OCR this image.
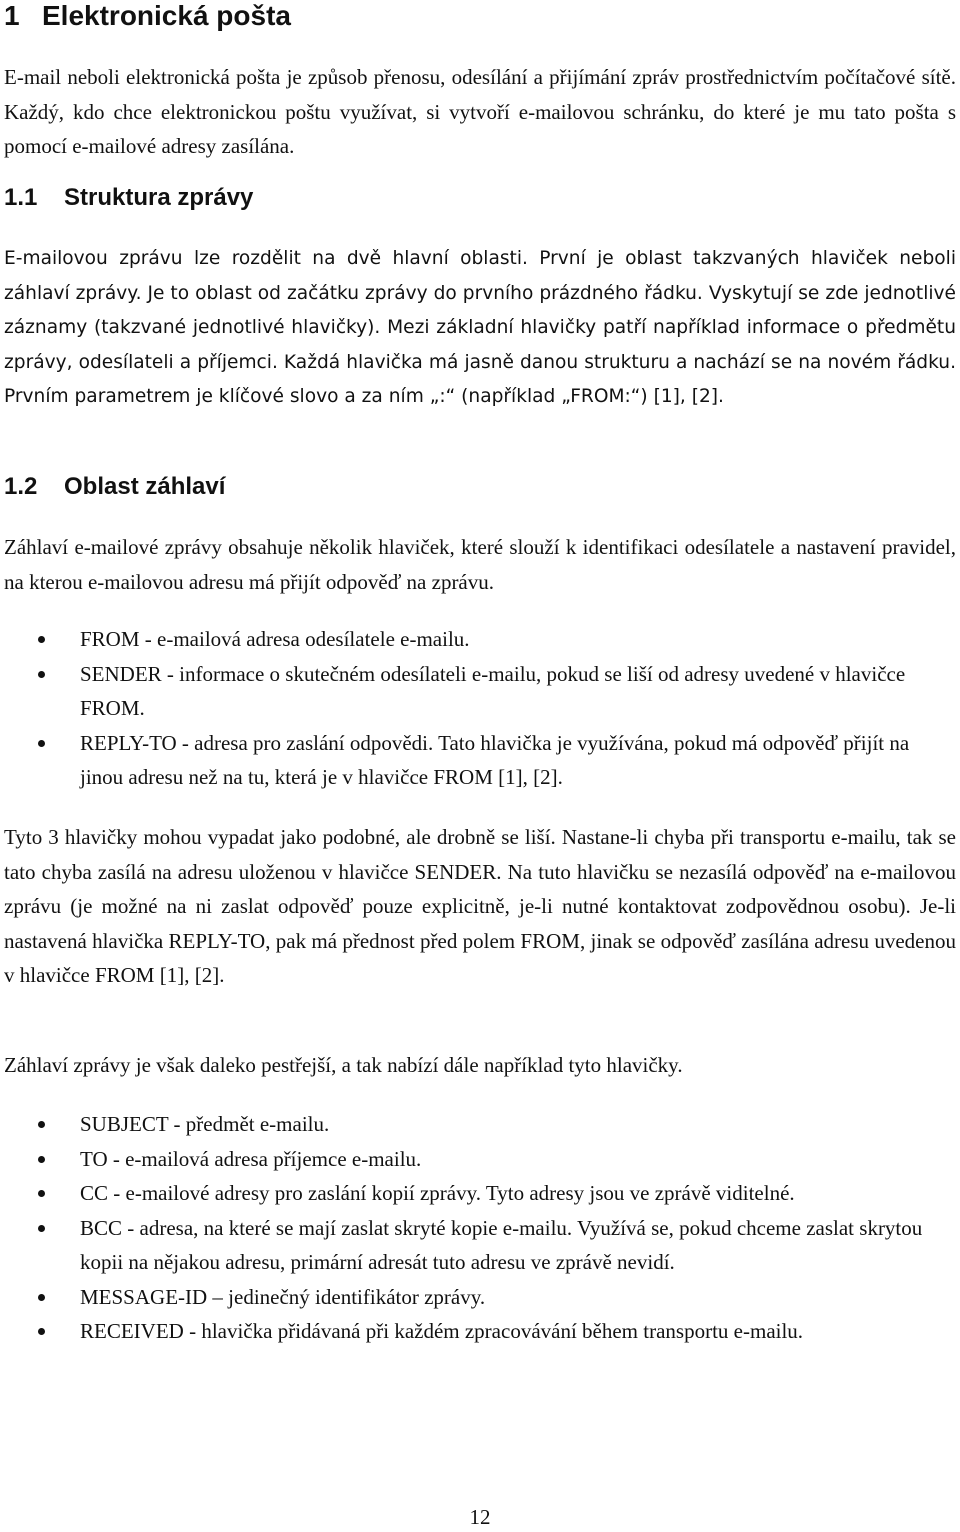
1 Elektronická pošta

E-mail neboli elektronická pošta je způsob přenosu, odesílání a přijímání zpráv prostřednictvím počítačové sítě. Každý, kdo chce elektronickou poštu využívat, si vytvoří e-mailovou schránku, do které je mu tato pošta s pomocí e-mailové adresy zasílána.

1.1 Struktura zprávy

E-mailovou zprávu lze rozdělit na dvě hlavní oblasti. První je oblast takzvaných hlaviček neboli záhlaví zprávy. Je to oblast od začátku zprávy do prvního prázdného řádku. Vyskytují se zde jednotlivé záznamy (takzvané jednotlivé hlavičky). Mezi základní hlavičky patří například informace o předmětu zprávy, odesílateli a příjemci. Každá hlavička má jasně danou strukturu a nachází se na novém řádku. Prvním parametrem je klíčové slovo a za ním „:“ (například „FROM:“) [1], [2].

1.2 Oblast záhlaví

Záhlaví e-mailové zprávy obsahuje několik hlaviček, které slouží k identifikaci odesílatele a nastavení pravidel, na kterou e-mailovou adresu má přijít odpověď na zprávu.

FROM - e-mailová adresa odesílatele e-mailu.
SENDER - informace o skutečném odesílateli e-mailu, pokud se liší od adresy uvedené v hlavičce FROM.
REPLY-TO - adresa pro zaslání odpovědi. Tato hlavička je využívána, pokud má odpověď přijít na jinou adresu než na tu, která je v hlavičce FROM [1], [2].

Tyto 3 hlavičky mohou vypadat jako podobné, ale drobně se liší. Nastane-li chyba při transportu e-mailu, tak se tato chyba zasílá na adresu uloženou v hlavičce SENDER. Na tuto hlavičku se nezasílá odpověď na e-mailovou zprávu (je možné na ni zaslat odpověď pouze explicitně, je-li nutné kontaktovat zodpovědnou osobu). Je-li nastavená hlavička REPLY-TO, pak má přednost před polem FROM, jinak se odpověď zasílána adresu uvedenou v hlavičce FROM [1], [2].

Záhlaví zprávy je však daleko pestřejší, a tak nabízí dále například tyto hlavičky.

SUBJECT - předmět e-mailu.
TO - e-mailová adresa příjemce e-mailu.
CC - e-mailové adresy pro zaslání kopií zprávy. Tyto adresy jsou ve zprávě viditelné.
BCC - adresa, na které se mají zaslat skryté kopie e-mailu. Využívá se, pokud chceme zaslat skrytou kopii na nějakou adresu, primární adresát tuto adresu ve zprávě nevidí.
MESSAGE-ID – jedinečný identifikátor zprávy.
RECEIVED - hlavička přidávaná při každém zpracovávání během transportu e-mailu.
12
